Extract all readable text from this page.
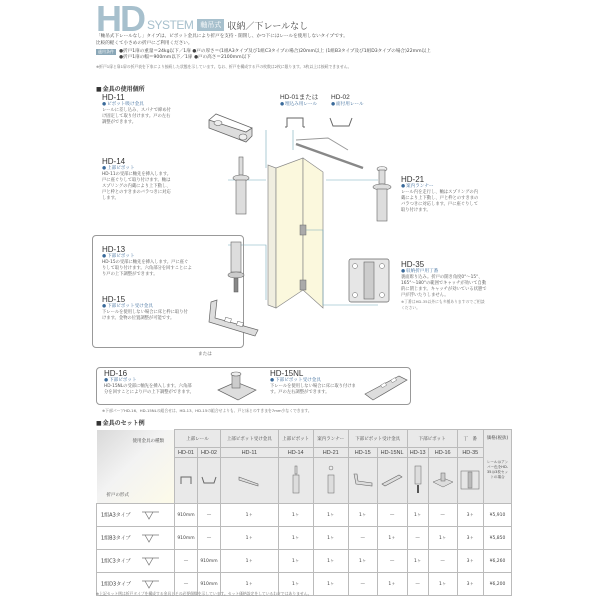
HD SYSTEM	軸吊式 収納／下レールなし
「軸吊式下レールなし」タイプは、ピボット金具により折戸を支持・開閉し、かつ下にはレールを使用しないタイプです。
比較的軽くて小さめの折戸にご利用ください。
適用条件	●折戸1扉の重量＝24kg以下／1扉 ●戸の厚さ＝(1組A3タイプ及び1組C3タイプの場合)20mm以上 (1組B3タイプ及び1組D3タイプの場合)22mm以上
●折戸1扉の幅＝900mm以下／1扉 ●戸の高さ＝2100mm以下
※折戸1扉と扉1扉の折戸表を下家により接続した状態を示しています。なお、折戸を構成する戸の枚数は2枚に限ります。3枚以上は接続できません。
■ 金具の使用個所
HD-11
● ピボット吸け金具
レールに差し込み、スパナで締め付け固定して取り付けます。戸の左右調整ができます。
HD-01または
● 埋込み用レール
HD-02
● 面付用レール
HD-14
● 上部ピボット
HD-11の受部に軸先を挿入します。戸に座ぐりして取り付けます。軸はスプリングの内蔵により上下動し、戸と枠とのすきまのバラつきに対応します。
HD-21
● 案内ランナー
レール内を走行し、軸はスプリングの内蔵により上下動し、戸と枠とのすきまのバラつきに対応します。戸に座ぐりして取り付けます。
HD-35
● 収納折戸用丁番
裏面彫り込み。折戸の開き角度0°〜15°、165°〜180°の範囲でキャッチが効いて自動的に閉じます。キャッチが効いている状態で戸が浮いたりしません。
※丁番はHD-35以外にも多種ありますのでご相談ください。
HD-13
● 下部ピボット
HD-15の受部に軸先を挿入します。戸に座ぐりして取り付けます。六角部分を回すことにより戸の上下調整ができます。
HD-15
● 下部ピボット受け金具
下レールを使用しない場合に床と枠に取り付けます。金物の位置調整が可能です。
または
HD-16
● 下部ピボット
HD-15NLの受部に軸先を挿入します。六角部分を回すことにより戸の上下調整ができます。
HD-15NL
● 下部ピボット受け金具
下レールを使用しない場合に床に取り付けます。戸の左右調整ができます。
※下部パーツHD-16、HD-15NLの組合せは、HD-13、HD-15の組合せよりも、戸と床とのすきまを7mm少なくできます。
■ 金具のセット例
使用金具の種類
折戸の形式
	上部レール	上部ピボット受け金具	上部ピボット	案内ランナー	下部ピボット受け金具	下部ピボット	丁　番	価格(税抜)
レールはアンバー色をHD-35は3枚セットの場合

	HD-01	HD-02	HD-11	HD-14	HD-21	HD-15	HD-15NL	HD-13	HD-16	HD-35	

1組A3タイプ	910mm	—	1ヶ	1ヶ	1ヶ	1ヶ	—	1ヶ	—	3ヶ	¥5,910
1組B3タイプ	910mm	—	1ヶ	1ヶ	1ヶ	—	1ヶ	—	1ヶ	3ヶ	¥5,850
1組C3タイプ	—	910mm	1ヶ	1ヶ	1ヶ	1ヶ	—	1ヶ	—	3ヶ	¥6,260
1組D3タイプ	—	910mm	1ヶ	1ヶ	1ヶ	—	1ヶ	—	1ヶ	3ヶ	¥6,200
※上記セット例は折戸タイプを構成する金具とその必要個数を示しています。セット価格設定をしているわけではありません。
